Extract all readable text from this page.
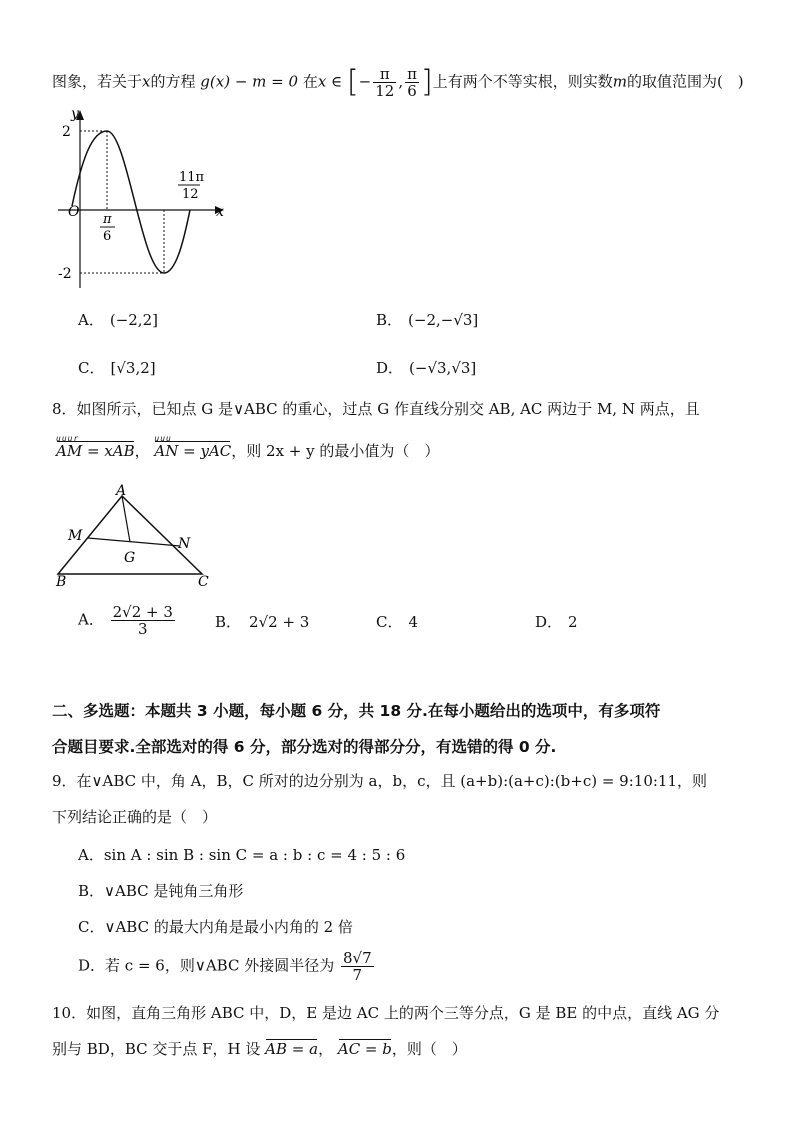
图象，若关于x的方程 g(x) − m = 0 在x ∈ [− $\frac{\pi}{12}$ , $\frac{\pi}{6}$ ]上有两个不等实根，则实数m的取值范围为(　)
y
x
O
2
-2
π
6
11π
12
A． (−2,2]	B． (−2,−√3]
C． [√3,2]	D． (−√3,√3]
8．如图所示，已知点 G 是∨ABC 的重心，过点 G 作直线分别交 AB, AC 两边于 M, N 两点，且
uuur
AM = xAB，
uuu
AN = yAC，则 2x + y 的最小值为（　）
A
M	N
G
B	C
A． $\frac{2√2 + 3}{3}$	B． 2√2 + 3	C． 4	D． 2
二、多选题：本题共 3 小题，每小题 6 分，共 18 分.在每小题给出的选项中，有多项符
合题目要求.全部选对的得 6 分，部分选对的得部分分，有选错的得 0 分.
9．在∨ABC 中，角 A，B，C 所对的边分别为 a，b，c，且 (a+b):(a+c):(b+c) = 9:10:11，则
下列结论正确的是（　）
A．sin A : sin B : sin C = a : b : c = 4 : 5 : 6
B．∨ABC 是钝角三角形
C．∨ABC 的最大内角是最小内角的 2 倍
D．若 c = 6，则∨ABC 外接圆半径为 $\frac{8√7}{7}$
10．如图，直角三角形 ABC 中，D，E 是边 AC 上的两个三等分点，G 是 BE 的中点，直线 AG 分
别与 BD，BC 交于点 F，H 设 AB = a， AC = b，则（　）
